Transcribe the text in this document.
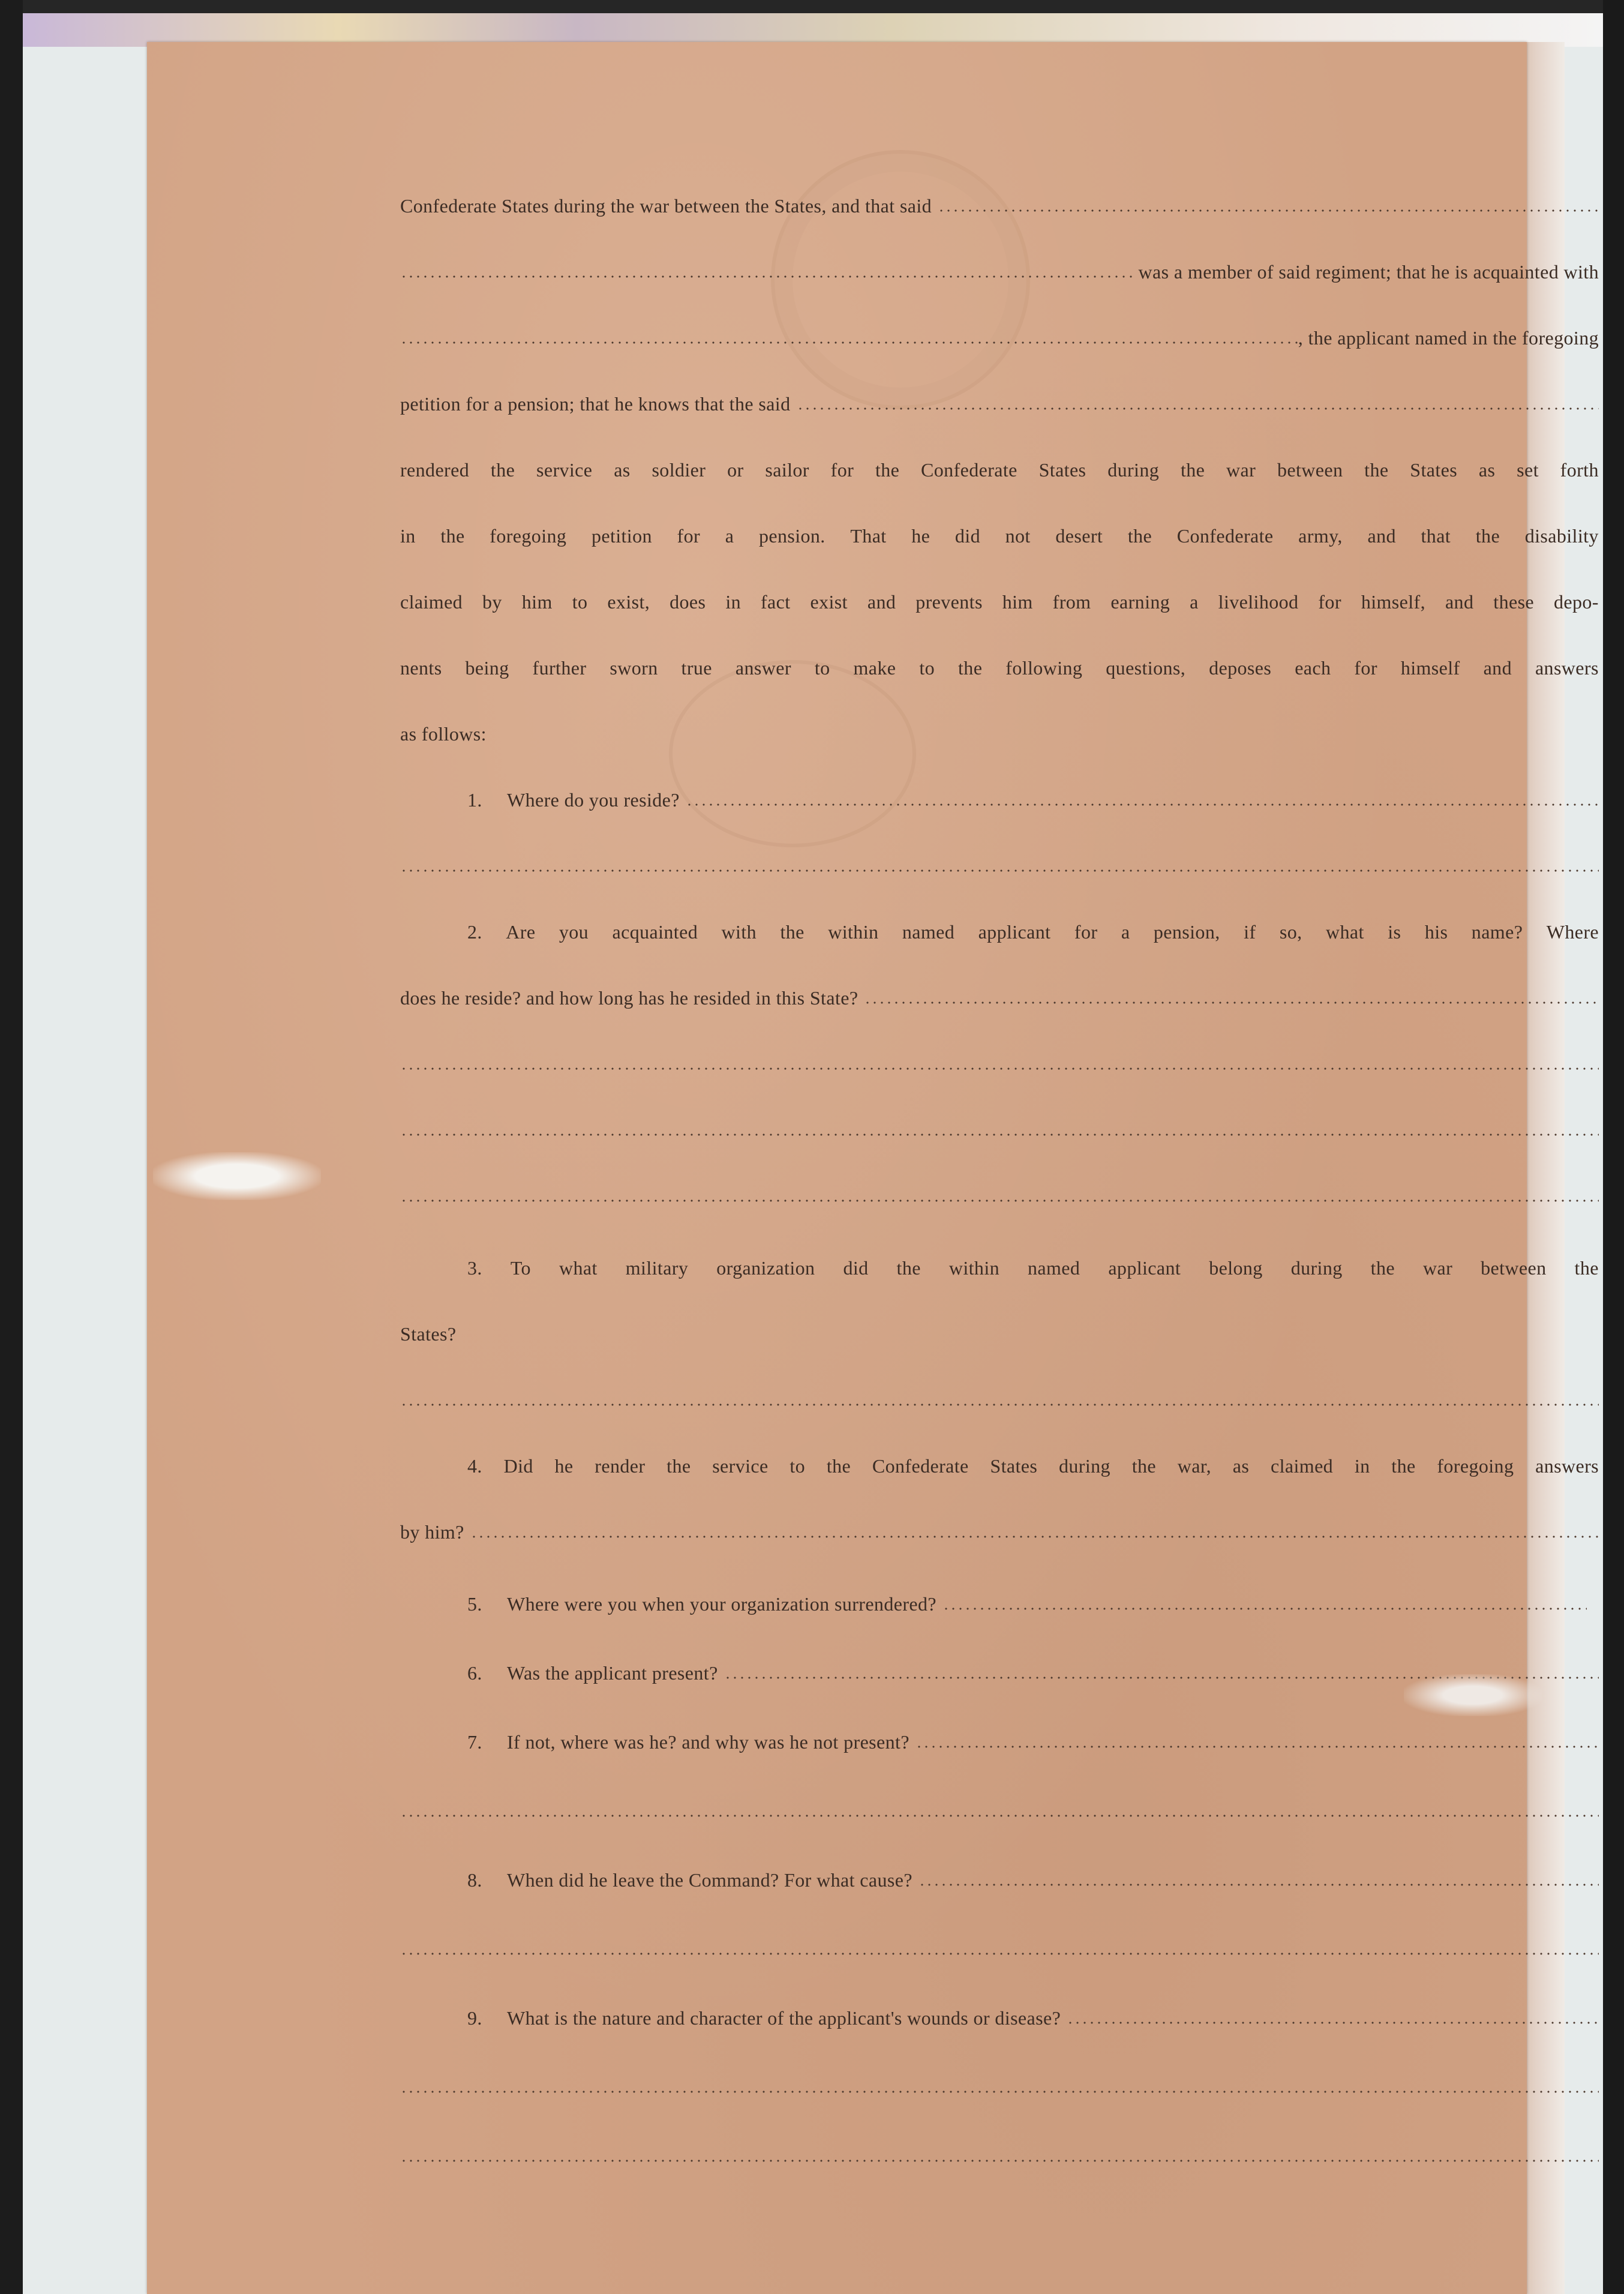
Confederate States during the war between the States, and that said
was a member of said regiment; that he is acquainted with
, the applicant named in the foregoing
petition for a pension; that he knows that the said
rendered the service as soldier or sailor for the Confederate States during the war between the States as set forth
in the foregoing petition for a pension. That he did not desert the Confederate army, and that the disability
claimed by him to exist, does in fact exist and prevents him from earning a livelihood for himself, and these depo-
nents being further sworn true answer to make to the following questions, deposes each for himself and answers
as follows:
1.	Where do you reside?
2. Are you acquainted with the within named applicant for a pension, if so, what is his name? Where
does he reside? and how long has he resided in this State?
3. To what military organization did the within named applicant belong during the war between the
States?
4. Did he render the service to the Confederate States during the war, as claimed in the foregoing answers
by him?
5.	Where were you when your organization surrendered?
6.	Was the applicant present?
7.	If not, where was he? and why was he not present?
8.	When did he leave the Command? For what cause?
9.	What is the nature and character of the applicant's wounds or disease?
